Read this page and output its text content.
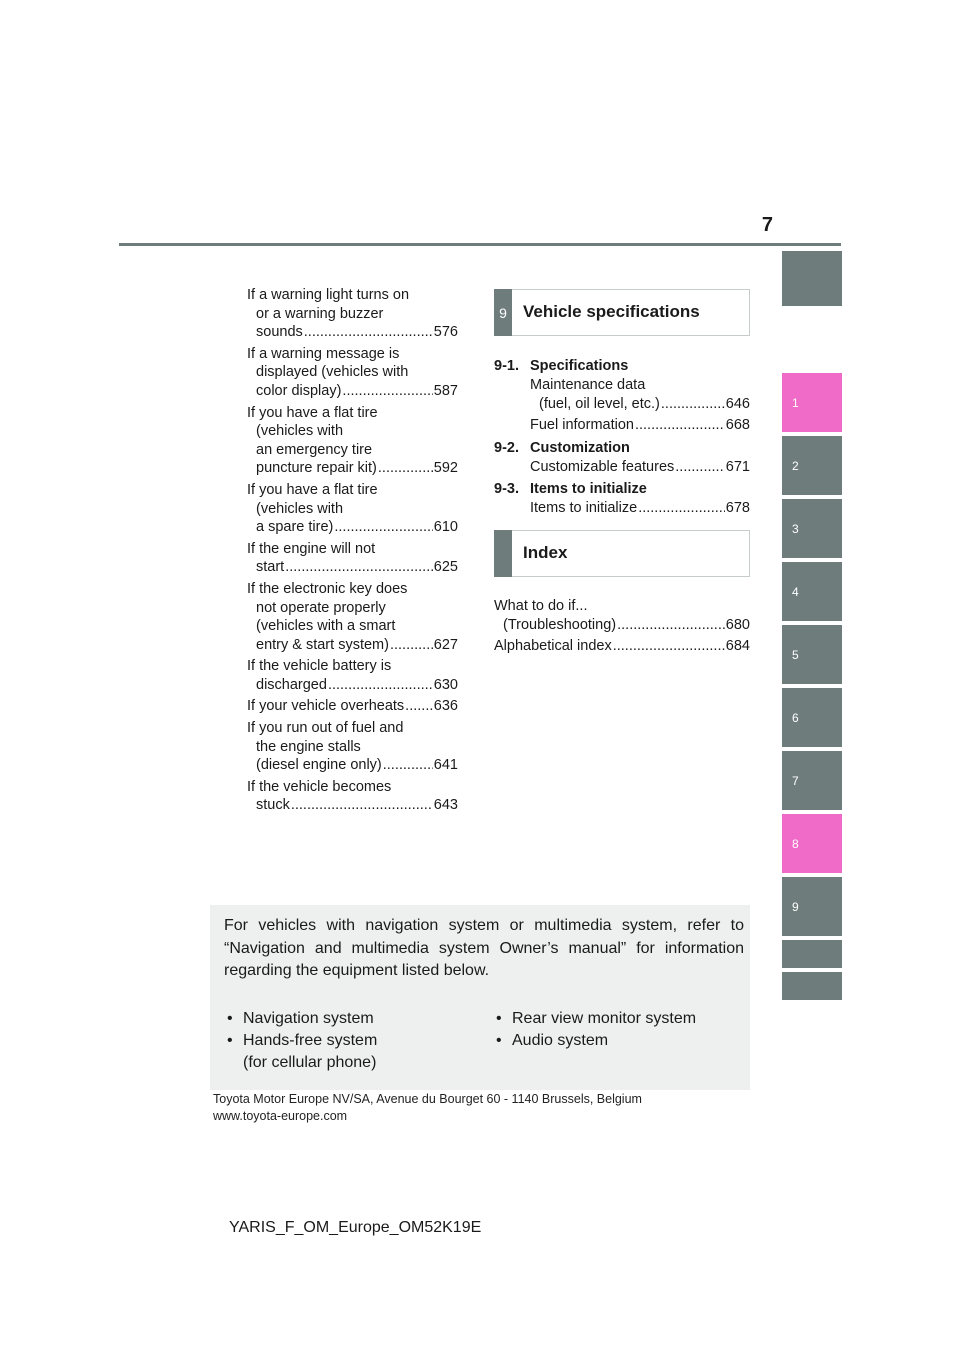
7
1
2
3
4
5
6
7
8
9
If a warning light turns on
or a warning buzzer
sounds .....	576
If a warning message is
displayed (vehicles with
color display) .....	587
If you have a flat tire
(vehicles with
an emergency tire
puncture repair kit) .....	592
If you have a flat tire
(vehicles with
a spare tire) .....	610
If the engine will not
start .....	625
If the electronic key does
not operate properly
(vehicles with a smart
entry & start system) .....	627
If the vehicle battery is
discharged .....	630
If your vehicle overheats ..... 636
If you run out of fuel and
the engine stalls
(diesel engine only) .....	641
If the vehicle becomes
stuck .....	643
9 Vehicle specifications
9-1. Specifications
Maintenance data
(fuel, oil level, etc.) .....	646
Fuel information .....	668
9-2. Customization
Customizable features .....	671
9-3. Items to initialize
Items to initialize .....	678
Index
What to do if...
(Troubleshooting) .....	680
Alphabetical index .....	684
For vehicles with navigation system or multimedia system, refer to “Navigation and multimedia system Owner’s manual” for information regarding the equipment listed below.
• Navigation system
• Hands-free system
(for cellular phone)
• Rear view monitor system
• Audio system
Toyota Motor Europe NV/SA, Avenue du Bourget 60 - 1140 Brussels, Belgium
www.toyota-europe.com
YARIS_F_OM_Europe_OM52K19E
